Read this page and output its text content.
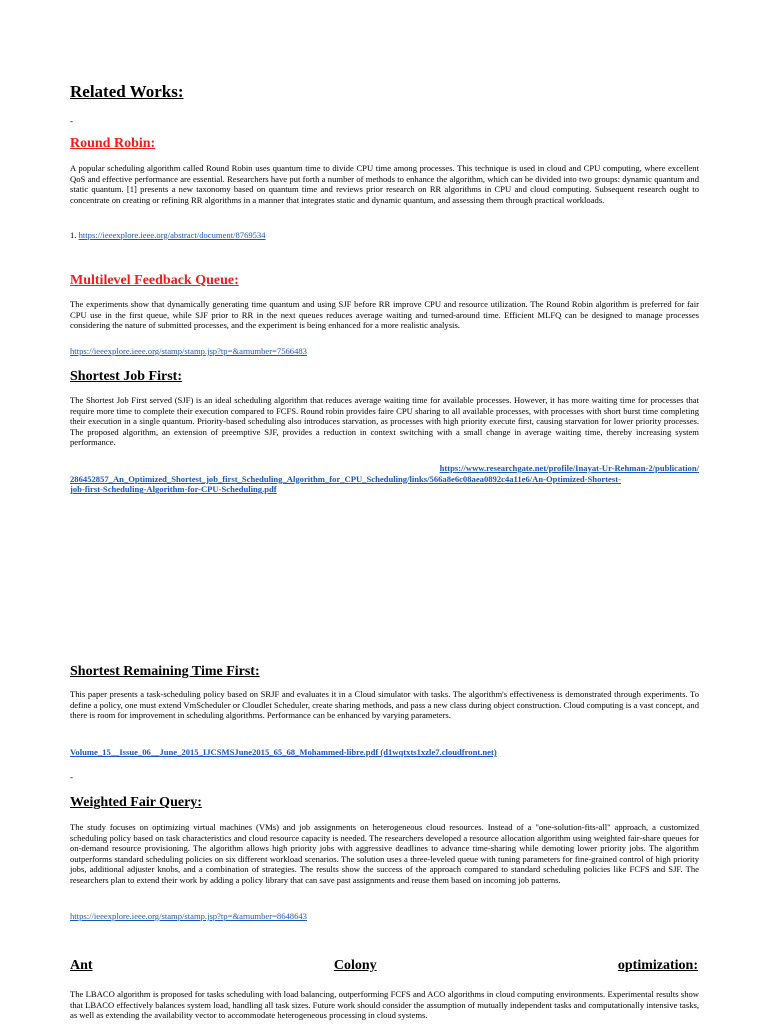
Related Works:
-
Round Robin:
A popular scheduling algorithm called Round Robin uses quantum time to divide CPU time among processes. This technique is used in cloud and CPU computing, where excellent QoS and effective performance are essential. Researchers have put forth a number of methods to enhance the algorithm, which can be divided into two groups: dynamic quantum and static quantum. [1] presents a new taxonomy based on quantum time and reviews prior research on RR algorithms in CPU and cloud computing. Subsequent research ought to concentrate on creating or refining RR algorithms in a manner that integrates static and dynamic quantum, and assessing them through practical workloads.
1. https://ieeexplore.ieee.org/abstract/document/8769534
Multilevel Feedback Queue:
The experiments show that dynamically generating time quantum and using SJF before RR improve CPU and resource utilization. The Round Robin algorithm is preferred for fair CPU use in the first queue, while SJF prior to RR in the next queues reduces average waiting and turned-around time. Efficient MLFQ can be designed to manage processes considering the nature of submitted processes, and the experiment is being enhanced for a more realistic analysis.
https://ieeexplore.ieee.org/stamp/stamp.jsp?tp=&arnumber=7566483
Shortest Job First:
The Shortest Job First served (SJF) is an ideal scheduling algorithm that reduces average waiting time for available processes. However, it has more waiting time for processes that require more time to complete their execution compared to FCFS. Round robin provides faire CPU sharing to all available processes, with processes with short burst time completing their execution in a single quantum. Priority-based scheduling also introduces starvation, as processes with high priority execute first, causing starvation for lower priority processes. The proposed algorithm, an extension of preemptive SJF, provides a reduction in context switching with a small change in average waiting time, thereby increasing system performance.
https://www.researchgate.net/profile/Inayat-Ur-Rehman-2/publication/
286452857_An_Optimized_Shortest_job_first_Scheduling_Algorithm_for_CPU_Scheduling/links/566a8e6c08aea0892c4a11e6/An-Optimized-Shortest-
job-first-Scheduling-Algorithm-for-CPU-Scheduling.pdf
Shortest Remaining Time First:
This paper presents a task-scheduling policy based on SRJF and evaluates it in a Cloud simulator with tasks. The algorithm's effectiveness is demonstrated through experiments. To define a policy, one must extend VmScheduler or Cloudlet Scheduler, create sharing methods, and pass a new class during object construction. Cloud computing is a vast concept, and there is room for improvement in scheduling algorithms. Performance can be enhanced by varying parameters.
Volume_15__Issue_06__June_2015_IJCSMSJune2015_65_68_Mohammed-libre.pdf (d1wqtxts1xzle7.cloudfront.net)
-
Weighted Fair Query:
The study focuses on optimizing virtual machines (VMs) and job assignments on heterogeneous cloud resources. Instead of a "one-solution-fits-all" approach, a customized scheduling policy based on task characteristics and cloud resource capacity is needed. The researchers developed a resource allocation algorithm using weighted fair-share queues for on-demand resource provisioning. The algorithm allows high priority jobs with aggressive deadlines to advance time-sharing while demoting lower priority jobs. The algorithm outperforms standard scheduling policies on six different workload scenarios. The solution uses a three-leveled queue with tuning parameters for fine-grained control of high priority jobs, additional adjuster knobs, and a combination of strategies. The results show the success of the approach compared to standard scheduling policies like FCFS and SJF. The researchers plan to extend their work by adding a policy library that can save past assignments and reuse them based on incoming job patterns.
https://ieeexplore.ieee.org/stamp/stamp.jsp?tp=&arnumber=8648643
Ant	Colony	optimization:
The LBACO algorithm is proposed for tasks scheduling with load balancing, outperforming FCFS and ACO algorithms in cloud computing environments. Experimental results show that LBACO effectively balances system load, handling all task sizes. Future work should consider the assumption of mutually independent tasks and computationally intensive tasks, as well as extending the availability vector to accommodate heterogeneous processing in cloud systems.
